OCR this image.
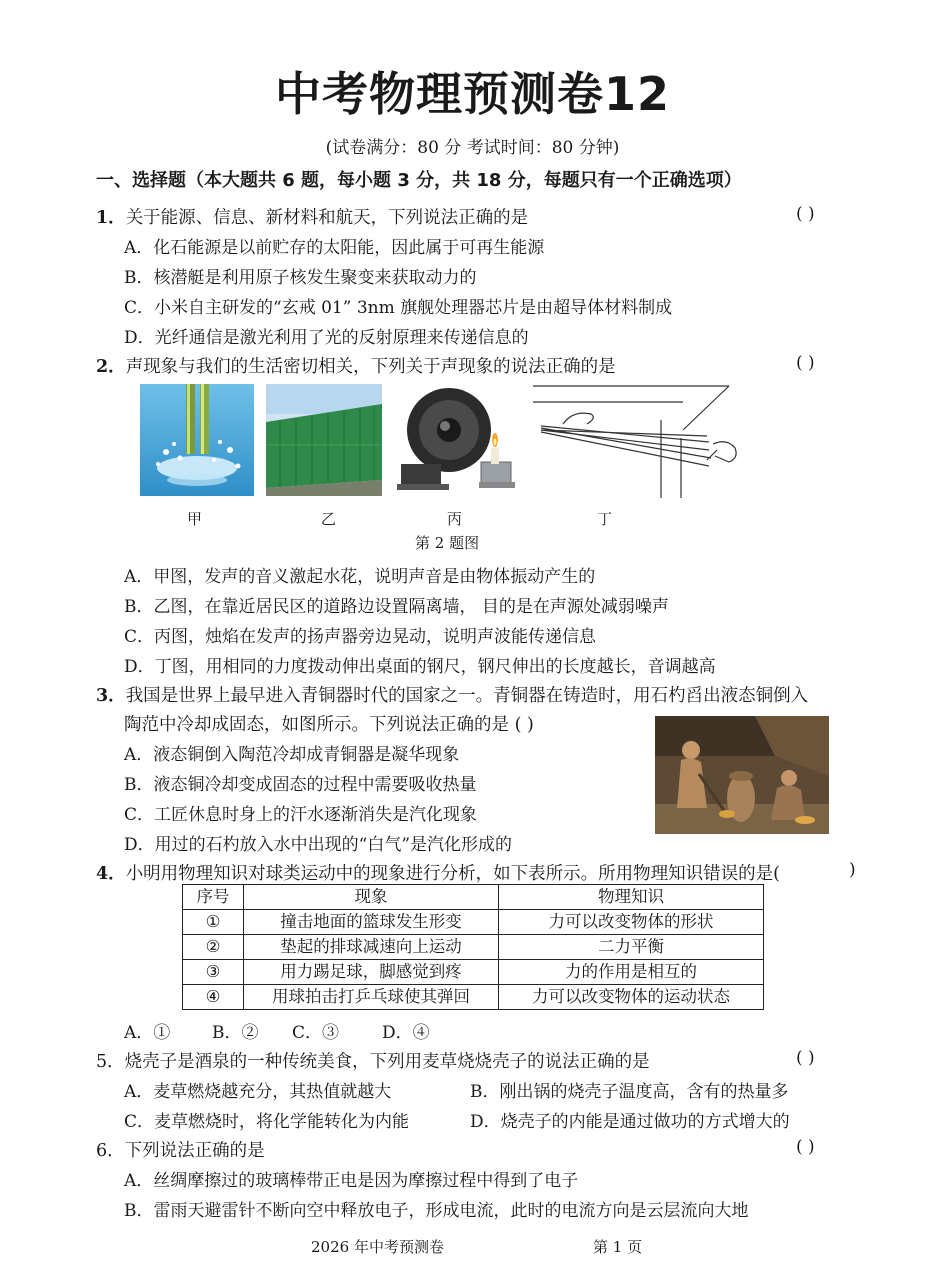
中考物理预测卷12
(试卷满分：80 分 考试时间：80 分钟)
一、选择题（本大题共 6 题，每小题 3 分，共 18 分，每题只有一个正确选项）
1．关于能源、信息、新材料和航天，下列说法正确的是	( )
A．化石能源是以前贮存的太阳能，因此属于可再生能源
B．核潜艇是利用原子核发生聚变来获取动力的
C．小米自主研发的“玄戒 01” 3nm 旗舰处理器芯片是由超导体材料制成
D．光纤通信是激光利用了光的反射原理来传递信息的
2．声现象与我们的生活密切相关，下列关于声现象的说法正确的是	( )
甲	乙	丙	丁
第 2 题图
A．甲图，发声的音义激起水花，说明声音是由物体振动产生的
B．乙图，在靠近居民区的道路边设置隔离墙， 目的是在声源处减弱噪声
C．丙图，烛焰在发声的扬声器旁边晃动，说明声波能传递信息
D．丁图，用相同的力度拨动伸出桌面的钢尺，钢尺伸出的长度越长，音调越高
3．我国是世界上最早进入青铜器时代的国家之一。青铜器在铸造时，用石杓舀出液态铜倒入
陶范中冷却成固态，如图所示。下列说法正确的是 ( )
A．液态铜倒入陶范冷却成青铜器是凝华现象
B．液态铜冷却变成固态的过程中需要吸收热量
C．工匠休息时身上的汗水逐渐消失是汽化现象
D．用过的石杓放入水中出现的“白气”是汽化形成的
4．小明用物理知识对球类运动中的现象进行分析，如下表所示。所用物理知识错误的是(	)
序号	现象	物理知识
①	撞击地面的篮球发生形变	力可以改变物体的形状
②	垫起的排球减速向上运动	二力平衡
③	用力踢足球，脚感觉到疼	力的作用是相互的
④	用球拍击打乒乓球使其弹回	力可以改变物体的运动状态
A．① B．② C．③	D．④
5．烧壳子是酒泉的一种传统美食，下列用麦草烧烧壳子的说法正确的是	( )
A．麦草燃烧越充分，其热值就越大	B．刚出锅的烧壳子温度高，含有的热量多
C．麦草燃烧时，将化学能转化为内能	D．烧壳子的内能是通过做功的方式增大的
6．下列说法正确的是	( )
A．丝绸摩擦过的玻璃棒带正电是因为摩擦过程中得到了电子
B．雷雨天避雷针不断向空中释放电子，形成电流，此时的电流方向是云层流向大地
2026 年中考预测卷	第 1 页
